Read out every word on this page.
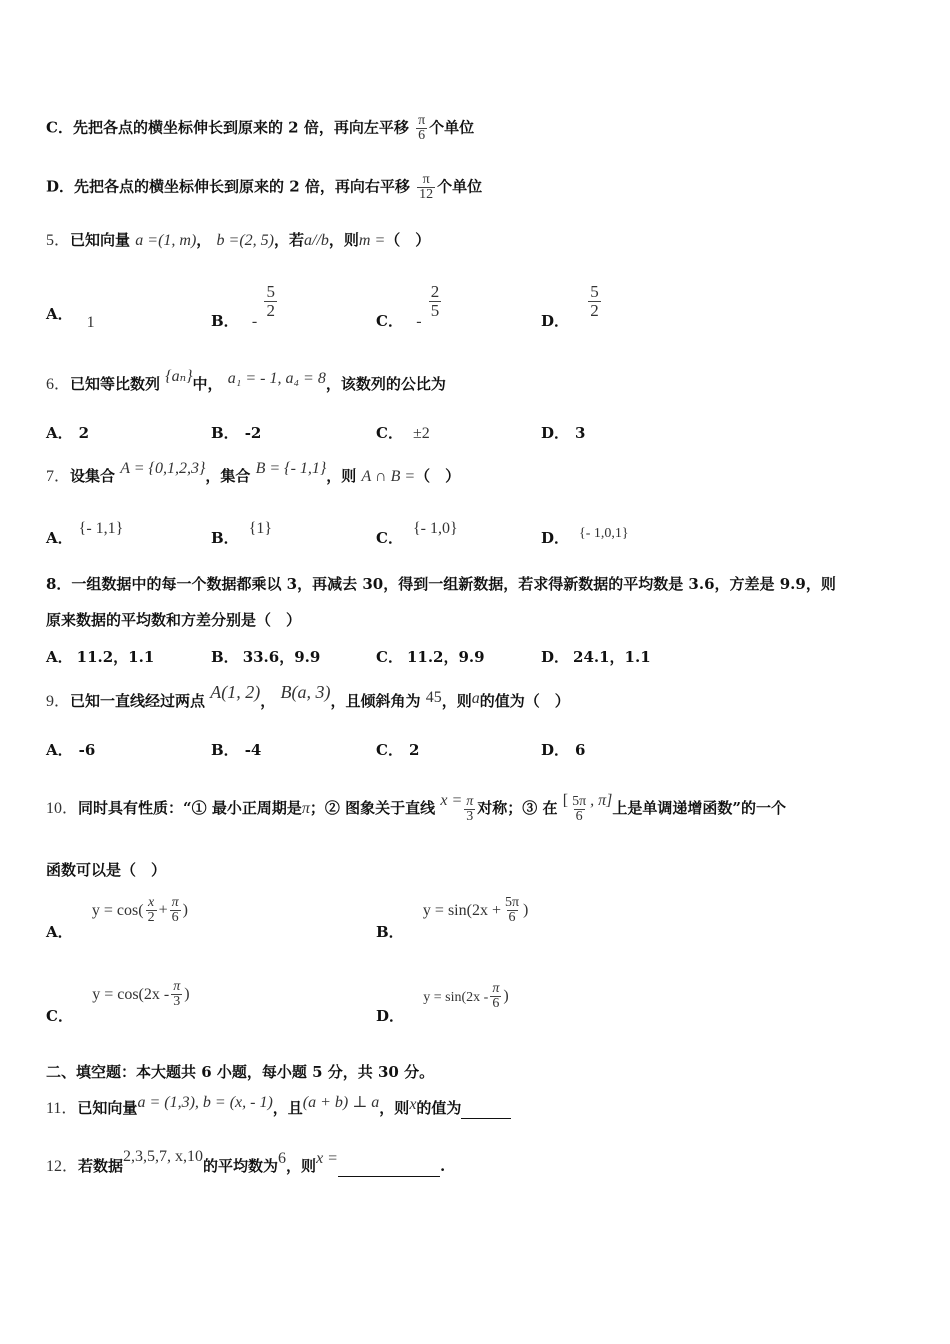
C．先把各点的横坐标伸长到原来的 2 倍，再向左平移 $\frac{\pi}{6}$ 个单位
D．先把各点的横坐标伸长到原来的 2 倍，再向右平移 $\frac{\pi}{12}$ 个单位
5．已知向量 a =(1, m)， b =(2, 5)，若a//b，则m =（　）
A． 1	B． -
$\frac{5}{2}$
C． -
$\frac{2}{5}$
D．
$\frac{5}{2}$
6．已知等比数列 {aₙ}中， a₁ = - 1, a₄ = 8，该数列的公比为
A． 2	B． -2	C． ±2	D． 3
7．设集合 A = {0,1,2,3}，集合 B = {- 1,1}，则 A ∩ B =（　）
A．{- 1,1}
B．{1}
C．{- 1,0}
D． {- 1,0,1}
8．一组数据中的每一个数据都乘以 3，再减去 30，得到一组新数据，若求得新数据的平均数是 3.6，方差是 9.9，则
原来数据的平均数和方差分别是（　）
A． 11.2，1.1	B． 33.6，9.9	C． 11.2，9.9	D． 24.1，1.1
9．已知一直线经过两点 A(1, 2)， B(a, 3)，且倾斜角为 45，则a的值为（　）
A． -6	B． -4	C． 2	D． 6
10．同时具有性质：“① 最小正周期是π；② 图象关于直线 $x = \frac{\pi}{3}$ 对称；③ 在 [ $\frac{5\pi}{6}$ , π]上是单调递增函数”的一个
函数可以是（　）
A． $y = \cos( \frac{x}{2} + \frac{\pi}{6}$ )
B． $y = \sin(2x + \frac{5\pi}{6}$ )
C． $y = \cos(2x - \frac{\pi}{3}$ )
D． $y = \sin(2x - \frac{\pi}{6}$ )
二、填空题：本大题共 6 小题，每小题 5 分，共 30 分。
11．已知向量a = (1,3), b = (x, - 1)，且(a + b) ⊥ a，则x的值为
12．若数据2,3,5,7, x,10的平均数为6，则x =	.
